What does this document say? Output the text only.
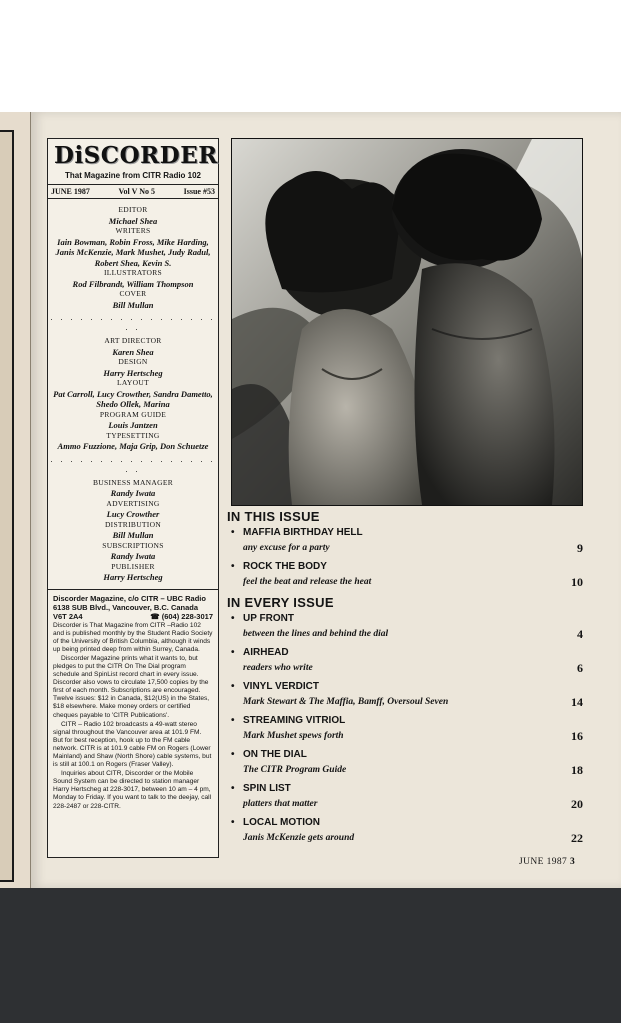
DiSCORDER
That Magazine from CITR Radio 102
JUNE 1987	Vol V No 5	Issue #53
EDITOR
Michael Shea
WRITERS
Iain Bowman, Robin Fross, Mike Harding, Janis McKenzie, Mark Mushet, Judy Radul, Robert Shea, Kevin S.
ILLUSTRATORS
Rod Filbrandt, William Thompson
COVER
Bill Mullan
. . . . . . . . . . . . . . . . . . .
ART DIRECTOR
Karen Shea
DESIGN
Harry Hertscheg
LAYOUT
Pat Carroll, Lucy Crowther, Sandra Dametto, Shedo Ollek, Marina
PROGRAM GUIDE
Louis Jantzen
TYPESETTING
Ammo Fuzzione, Maja Grip, Don Schuetze
. . . . . . . . . . . . . . . . . . .
BUSINESS MANAGER
Randy Iwata
ADVERTISING
Lucy Crowther
DISTRIBUTION
Bill Mullan
SUBSCRIPTIONS
Randy Iwata
PUBLISHER
Harry Hertscheg
Discorder Magazine, c/o CITR – UBC Radio
6138 SUB Blvd., Vancouver, B.C. Canada
V6T 2A4	☎ (604) 228-3017
Discorder is That Magazine from CITR –Radio 102 and is published monthly by the Student Radio Society of the University of British Columbia, although it winds up being printed deep from within Surrey, Canada.
Discorder Magazine prints what it wants to, but pledges to put the CITR On The Dial program schedule and SpinList record chart in every issue. Discorder also vows to circulate 17,500 copies by the first of each month. Subscriptions are encouraged. Twelve issues: $12 in Canada, $12(US) in the States, $18 elsewhere. Make money orders or certified cheques payable to 'CITR Publications'.
CITR – Radio 102 broadcasts a 49-watt stereo signal throughout the Vancouver area at 101.9 FM. But for best reception, hook up to the FM cable network. CITR is at 101.9 cable FM on Rogers (Lower Mainland) and Shaw (North Shore) cable systems, but is still at 100.1 on Rogers (Fraser Valley).
Inquiries about CITR, Discorder or the Mobile Sound System can be directed to station manager Harry Hertscheg at 228-3017, between 10 am – 4 pm, Monday to Friday. If you want to talk to the deejay, call 228-2487 or 228-CITR.
IN THIS ISSUE
• MAFFIA BIRTHDAY HELL
any excuse for a party	9
• ROCK THE BODY
feel the beat and release the heat	10
IN EVERY ISSUE
• UP FRONT
between the lines and behind the dial	4
• AIRHEAD
readers who write	6
• VINYL VERDICT
Mark Stewart & The Maffia, Bamff, Oversoul Seven	14
• STREAMING VITRIOL
Mark Mushet spews forth	16
• ON THE DIAL
The CITR Program Guide	18
• SPIN LIST
platters that matter	20
• LOCAL MOTION
Janis McKenzie gets around	22
JUNE 1987 3
